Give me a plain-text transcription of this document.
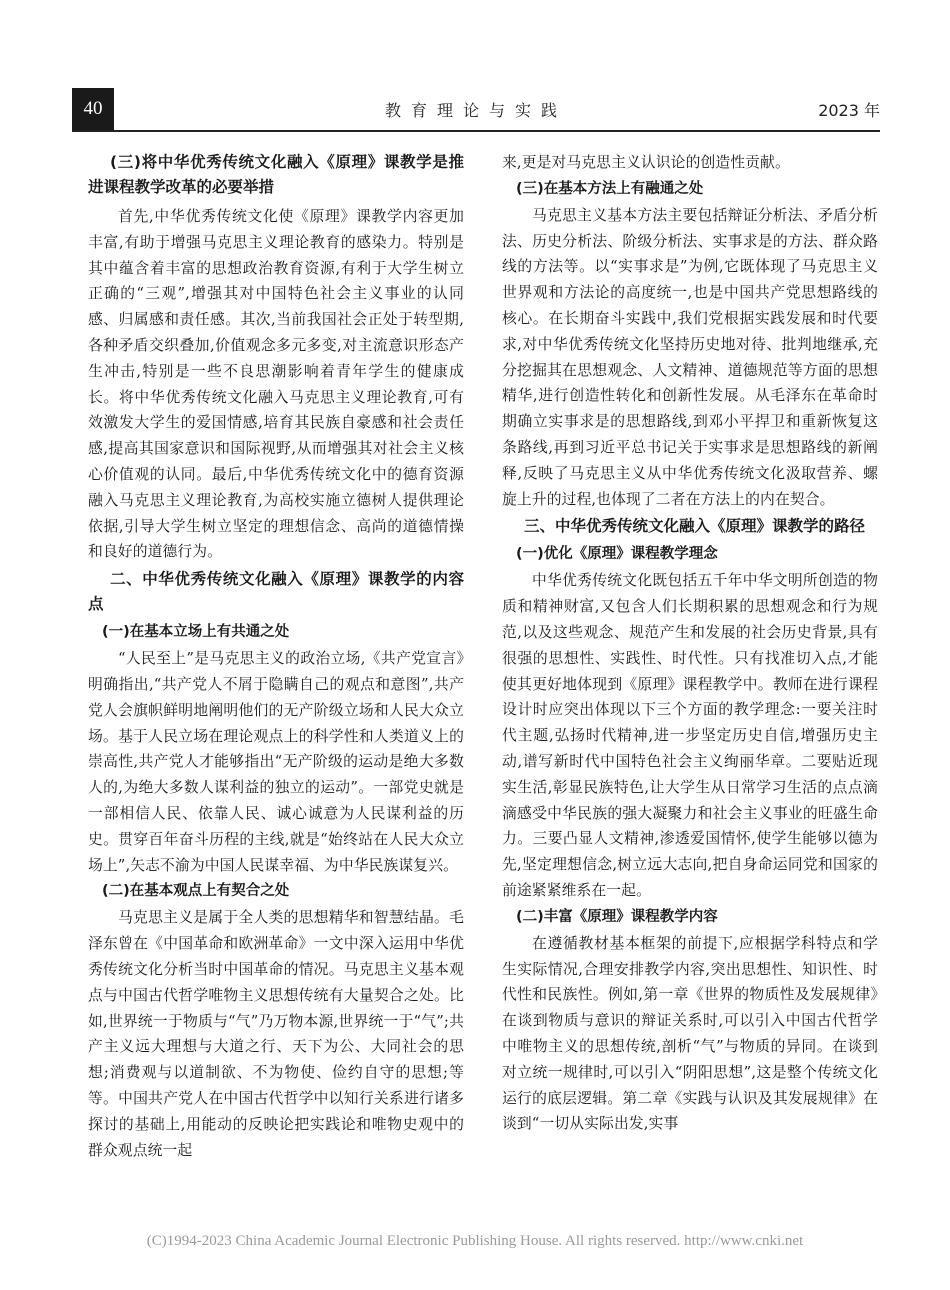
40	教育理论与实践	2023 年
(三)将中华优秀传统文化融入《原理》课教学是推进课程教学改革的必要举措
首先,中华优秀传统文化使《原理》课教学内容更加丰富,有助于增强马克思主义理论教育的感染力。特别是其中蕴含着丰富的思想政治教育资源,有利于大学生树立正确的“三观”,增强其对中国特色社会主义事业的认同感、归属感和责任感。其次,当前我国社会正处于转型期,各种矛盾交织叠加,价值观念多元多变,对主流意识形态产生冲击,特别是一些不良思潮影响着青年学生的健康成长。将中华优秀传统文化融入马克思主义理论教育,可有效激发大学生的爱国情感,培育其民族自豪感和社会责任感,提高其国家意识和国际视野,从而增强其对社会主义核心价值观的认同。最后,中华优秀传统文化中的德育资源融入马克思主义理论教育,为高校实施立德树人提供理论依据,引导大学生树立坚定的理想信念、高尚的道德情操和良好的道德行为。
二、中华优秀传统文化融入《原理》课教学的内容点
(一)在基本立场上有共通之处
“人民至上”是马克思主义的政治立场,《共产党宣言》明确指出,“共产党人不屑于隐瞒自己的观点和意图”,共产党人会旗帜鲜明地阐明他们的无产阶级立场和人民大众立场。基于人民立场在理论观点上的科学性和人类道义上的崇高性,共产党人才能够指出“无产阶级的运动是绝大多数人的,为绝大多数人谋利益的独立的运动”。一部党史就是一部相信人民、依靠人民、诚心诚意为人民谋利益的历史。贯穿百年奋斗历程的主线,就是“始终站在人民大众立场上”,矢志不渝为中国人民谋幸福、为中华民族谋复兴。
(二)在基本观点上有契合之处
马克思主义是属于全人类的思想精华和智慧结晶。毛泽东曾在《中国革命和欧洲革命》一文中深入运用中华优秀传统文化分析当时中国革命的情况。马克思主义基本观点与中国古代哲学唯物主义思想传统有大量契合之处。比如,世界统一于物质与“气”乃万物本源,世界统一于“气”;共产主义远大理想与大道之行、天下为公、大同社会的思想;消费观与以道制欲、不为物使、俭约自守的思想;等等。中国共产党人在中国古代哲学中以知行关系进行诸多探讨的基础上,用能动的反映论把实践论和唯物史观中的群众观点统一起
来,更是对马克思主义认识论的创造性贡献。
(三)在基本方法上有融通之处
马克思主义基本方法主要包括辩证分析法、矛盾分析法、历史分析法、阶级分析法、实事求是的方法、群众路线的方法等。以“实事求是”为例,它既体现了马克思主义世界观和方法论的高度统一,也是中国共产党思想路线的核心。在长期奋斗实践中,我们党根据实践发展和时代要求,对中华优秀传统文化坚持历史地对待、批判地继承,充分挖掘其在思想观念、人文精神、道德规范等方面的思想精华,进行创造性转化和创新性发展。从毛泽东在革命时期确立实事求是的思想路线,到邓小平捍卫和重新恢复这条路线,再到习近平总书记关于实事求是思想路线的新阐释,反映了马克思主义从中华优秀传统文化汲取营养、螺旋上升的过程,也体现了二者在方法上的内在契合。
三、中华优秀传统文化融入《原理》课教学的路径
(一)优化《原理》课程教学理念
中华优秀传统文化既包括五千年中华文明所创造的物质和精神财富,又包含人们长期积累的思想观念和行为规范,以及这些观念、规范产生和发展的社会历史背景,具有很强的思想性、实践性、时代性。只有找准切入点,才能使其更好地体现到《原理》课程教学中。教师在进行课程设计时应突出体现以下三个方面的教学理念:一要关注时代主题,弘扬时代精神,进一步坚定历史自信,增强历史主动,谱写新时代中国特色社会主义绚丽华章。二要贴近现实生活,彰显民族特色,让大学生从日常学习生活的点点滴滴感受中华民族的强大凝聚力和社会主义事业的旺盛生命力。三要凸显人文精神,渗透爱国情怀,使学生能够以德为先,坚定理想信念,树立远大志向,把自身命运同党和国家的前途紧紧维系在一起。
(二)丰富《原理》课程教学内容
在遵循教材基本框架的前提下,应根据学科特点和学生实际情况,合理安排教学内容,突出思想性、知识性、时代性和民族性。例如,第一章《世界的物质性及发展规律》在谈到物质与意识的辩证关系时,可以引入中国古代哲学中唯物主义的思想传统,剖析“气”与物质的异同。在谈到对立统一规律时,可以引入“阴阳思想”,这是整个传统文化运行的底层逻辑。第二章《实践与认识及其发展规律》在谈到“一切从实际出发,实事
(C)1994-2023 China Academic Journal Electronic Publishing House. All rights reserved. http://www.cnki.net
